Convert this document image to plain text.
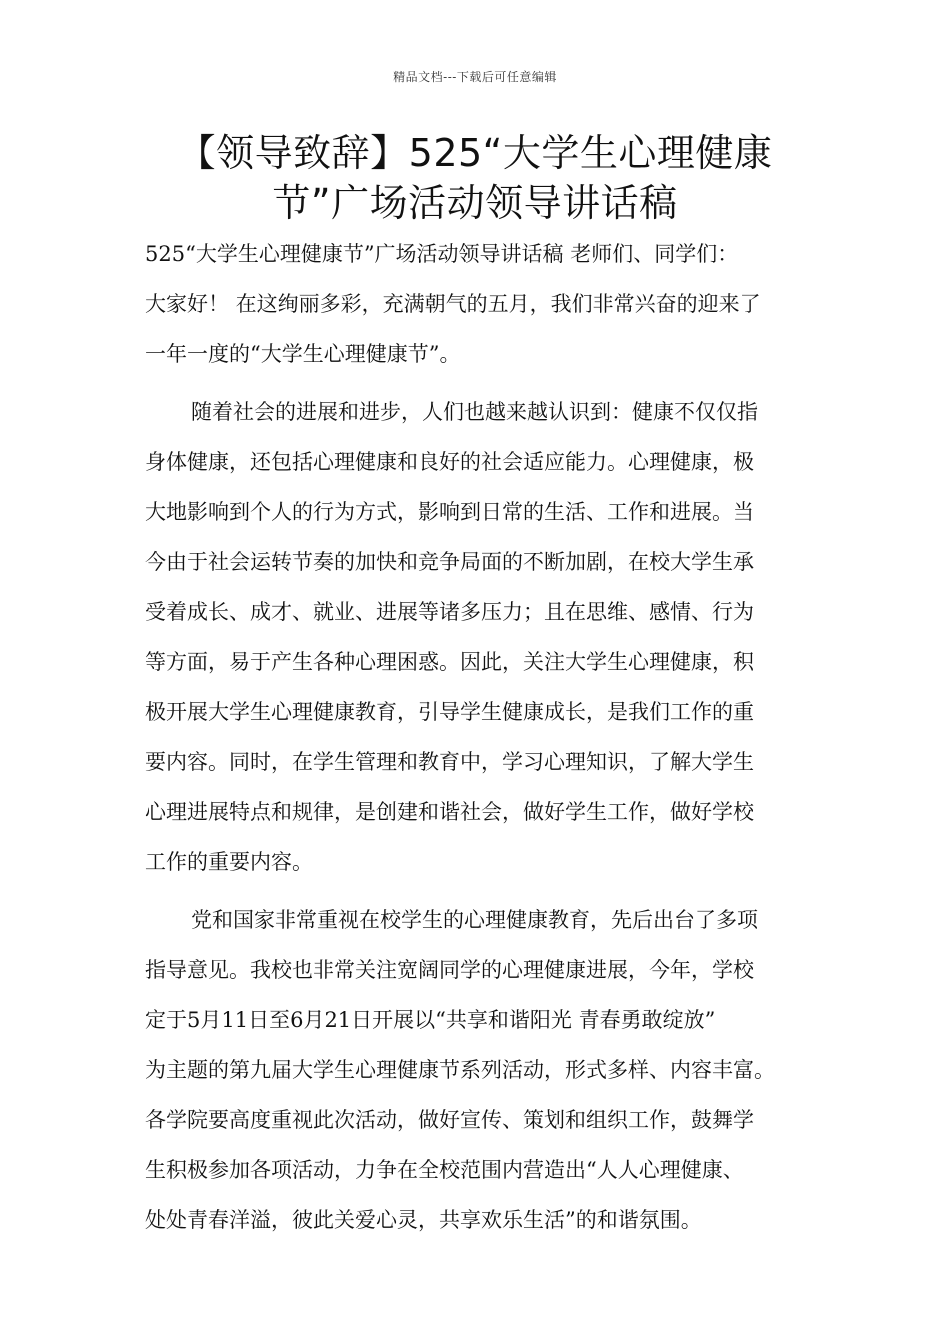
精品文档---下载后可任意编辑
【领导致辞】525“大学生心理健康
节”广场活动领导讲话稿
525“大学生心理健康节”广场活动领导讲话稿 老师们、同学们：
大家好！ 在这绚丽多彩，充满朝气的五月，我们非常兴奋的迎来了
一年一度的“大学生心理健康节”。
随着社会的进展和进步，人们也越来越认识到：健康不仅仅指
身体健康，还包括心理健康和良好的社会适应能力。心理健康，极
大地影响到个人的行为方式，影响到日常的生活、工作和进展。当
今由于社会运转节奏的加快和竞争局面的不断加剧，在校大学生承
受着成长、成才、就业、进展等诸多压力；且在思维、感情、行为
等方面，易于产生各种心理困惑。因此，关注大学生心理健康，积
极开展大学生心理健康教育，引导学生健康成长，是我们工作的重
要内容。同时，在学生管理和教育中，学习心理知识，了解大学生
心理进展特点和规律，是创建和谐社会，做好学生工作，做好学校
工作的重要内容。
党和国家非常重视在校学生的心理健康教育，先后出台了多项
指导意见。我校也非常关注宽阔同学的心理健康进展，今年，学校
定于5月11日至6月21日开展以“共享和谐阳光 青春勇敢绽放”
为主题的第九届大学生心理健康节系列活动，形式多样、内容丰富。
各学院要高度重视此次活动，做好宣传、策划和组织工作，鼓舞学
生积极参加各项活动，力争在全校范围内营造出“人人心理健康、
处处青春洋溢，彼此关爱心灵，共享欢乐生活”的和谐氛围。
